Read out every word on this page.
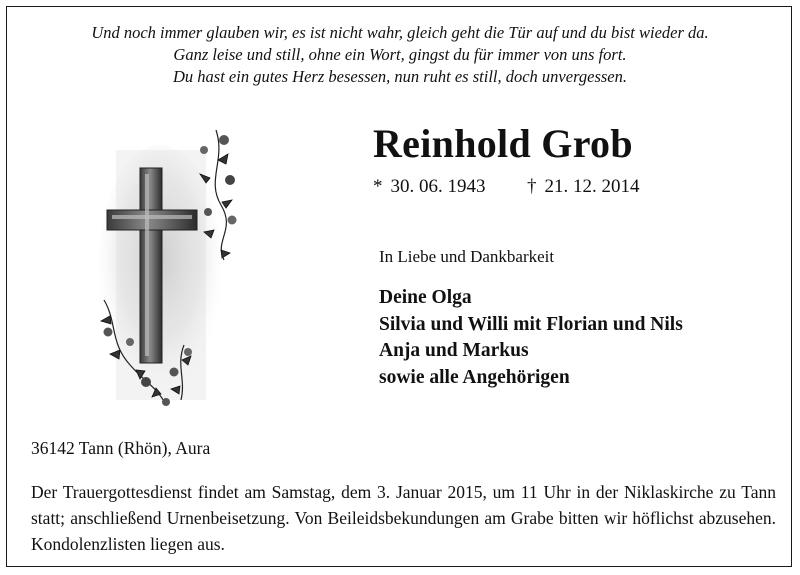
Und noch immer glauben wir, es ist nicht wahr, gleich geht die Tür auf und du bist wieder da.
Ganz leise und still, ohne ein Wort, gingst du für immer von uns fort.
Du hast ein gutes Herz besessen, nun ruht es still, doch unvergessen.
Reinhold Grob
* 30. 06. 1943 † 21. 12. 2014
In Liebe und Dankbarkeit
Deine Olga
Silvia und Willi mit Florian und Nils
Anja und Markus
sowie alle Angehörigen
36142 Tann (Rhön), Aura
Der Trauergottesdienst findet am Samstag, dem 3. Januar 2015, um 11 Uhr in der Niklaskirche zu Tann statt; anschließend Urnenbeisetzung. Von Beileidsbekundungen am Grabe bitten wir höflichst abzusehen. Kondolenzlisten liegen aus.
